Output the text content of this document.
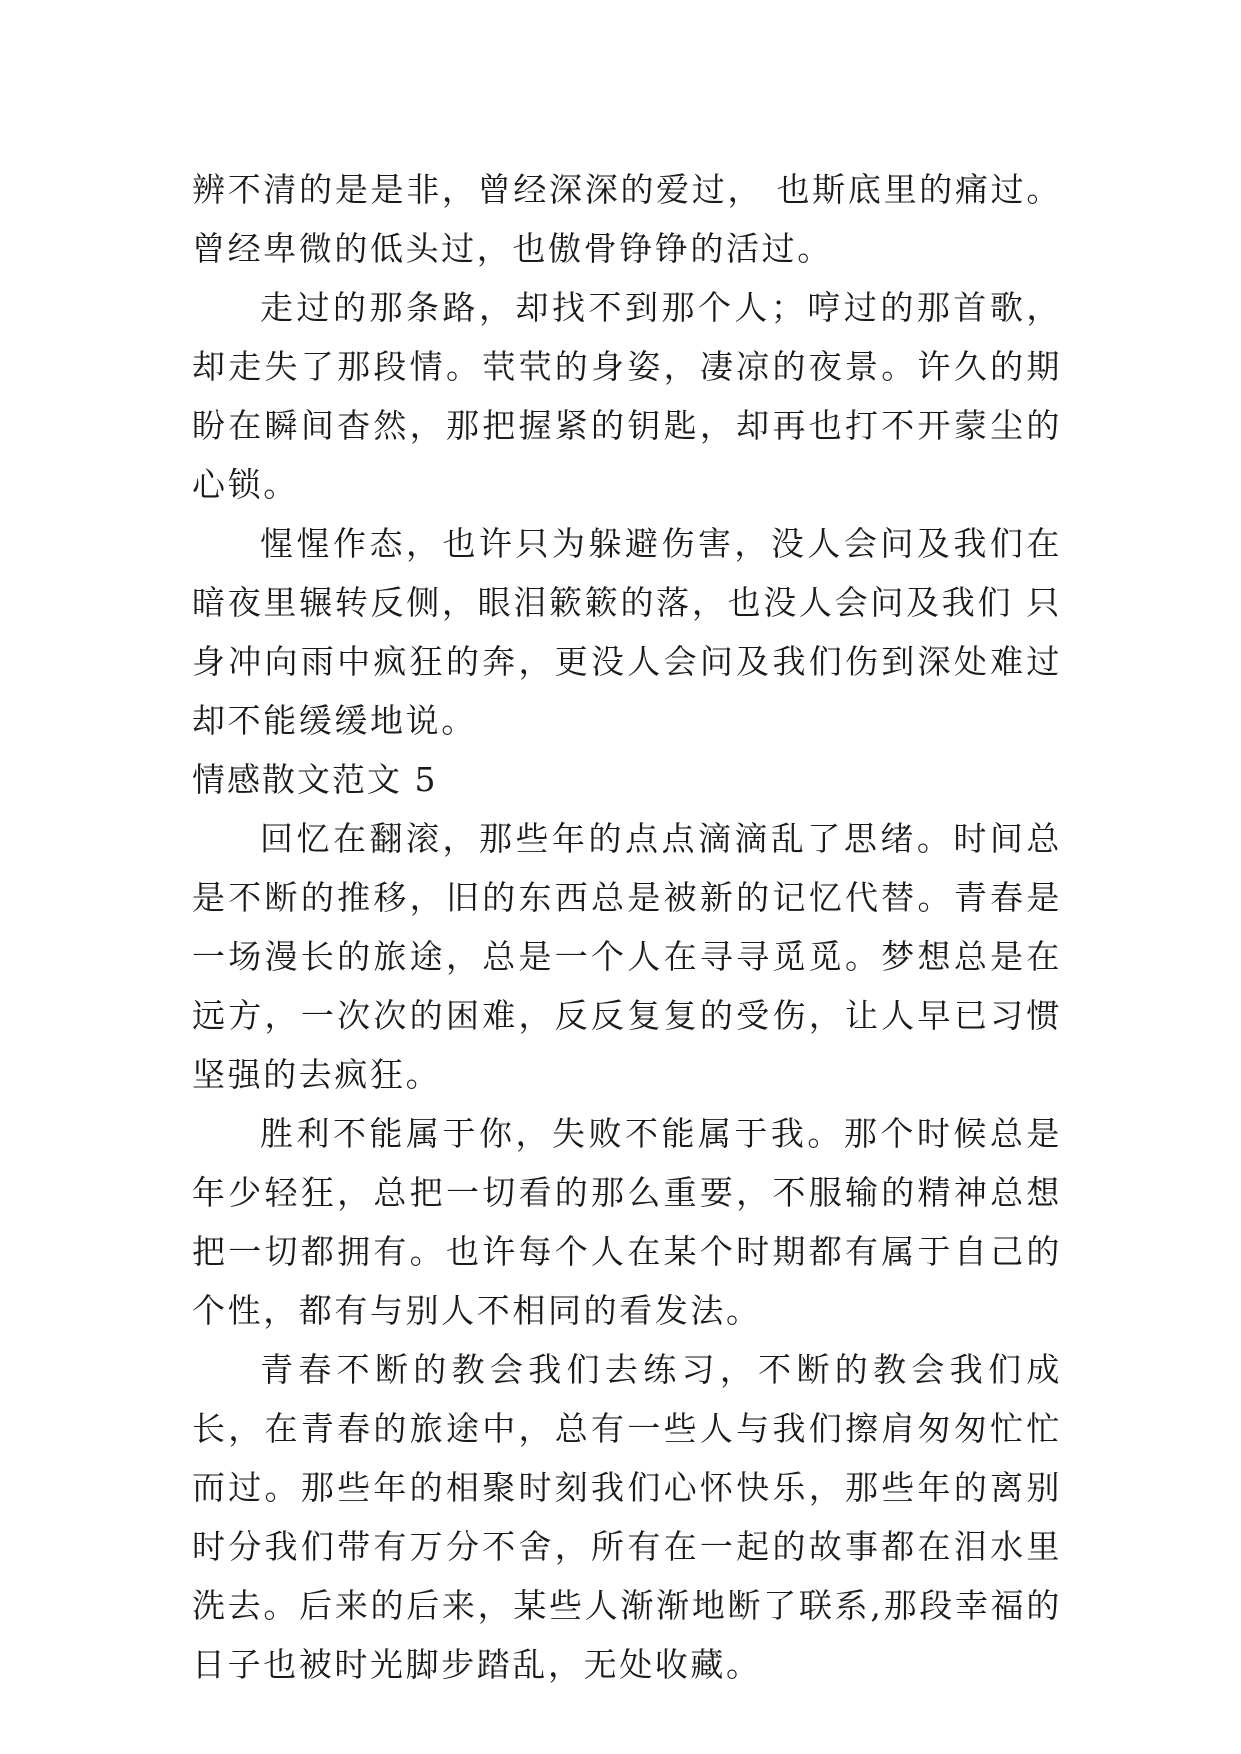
辨不清的是是非，曾经深深的爱过， 也斯底里的痛过。曾经卑微的低头过，也傲骨铮铮的活过。

走过的那条路，却找不到那个人；哼过的那首歌，却走失了那段情。茕茕的身姿，凄凉的夜景。许久的期盼在瞬间杳然，那把握紧的钥匙，却再也打不开蒙尘的心锁。

惺惺作态，也许只为躲避伤害，没人会问及我们在暗夜里辗转反侧，眼泪簌簌的落，也没人会问及我们 只身冲向雨中疯狂的奔，更没人会问及我们伤到深处难过却不能缓缓地说。

情感散文范文 5

回忆在翻滚，那些年的点点滴滴乱了思绪。时间总是不断的推移，旧的东西总是被新的记忆代替。青春是一场漫长的旅途，总是一个人在寻寻觅觅。梦想总是在远方，一次次的困难，反反复复的受伤，让人早已习惯坚强的去疯狂。

胜利不能属于你，失败不能属于我。那个时候总是年少轻狂，总把一切看的那么重要，不服输的精神总想把一切都拥有。也许每个人在某个时期都有属于自己的个性，都有与别人不相同的看发法。

青春不断的教会我们去练习，不断的教会我们成长，在青春的旅途中，总有一些人与我们擦肩匆匆忙忙而过。那些年的相聚时刻我们心怀快乐，那些年的离别时分我们带有万分不舍，所有在一起的故事都在泪水里洗去。后来的后来，某些人渐渐地断了联系,那段幸福的日子也被时光脚步踏乱，无处收藏。
